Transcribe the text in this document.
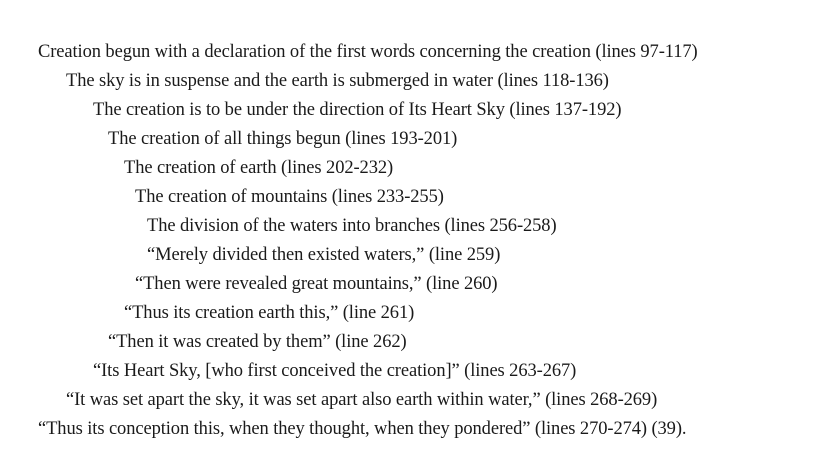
Creation begun with a declaration of the first words concerning the creation (lines 97-117)
The sky is in suspense and the earth is submerged in water (lines 118-136)
The creation is to be under the direction of Its Heart Sky (lines 137-192)
The creation of all things begun (lines 193-201)
The creation of earth (lines 202-232)
The creation of mountains (lines 233-255)
The division of the waters into branches (lines 256-258)
“Merely divided then existed waters,” (line 259)
“Then were revealed great mountains,” (line 260)
“Thus its creation earth this,” (line 261)
“Then it was created by them” (line 262)
“Its Heart Sky, [who first conceived the creation]” (lines 263-267)
“It was set apart the sky, it was set apart also earth within water,” (lines 268-269)
“Thus its conception this, when they thought, when they pondered” (lines 270-274) (39).
